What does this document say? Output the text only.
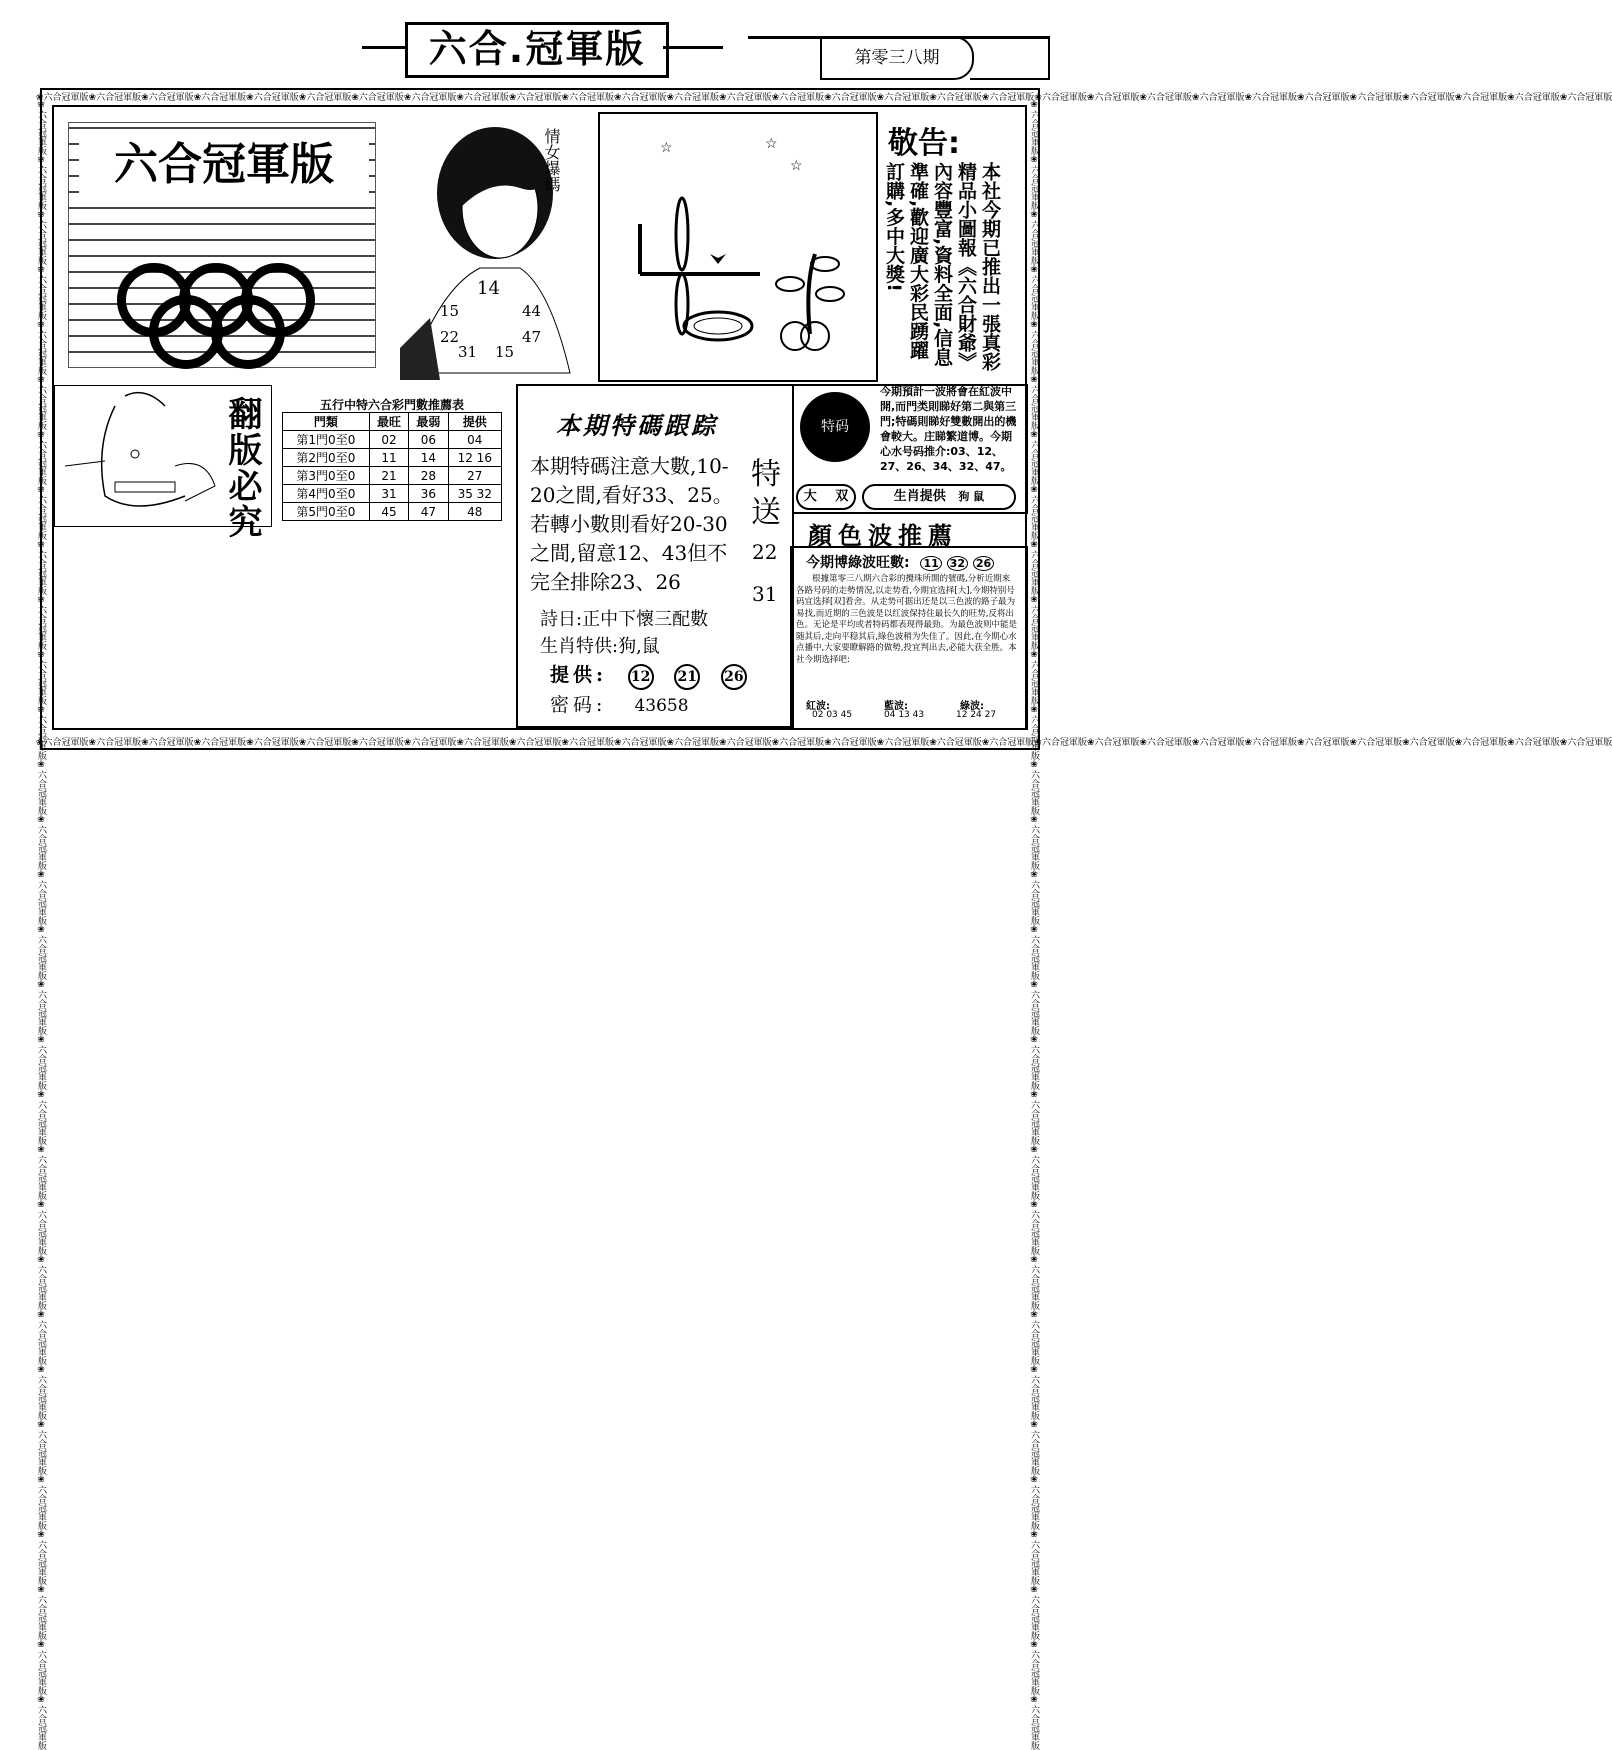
六合.冠軍版	第零三八期
❀六合冠軍版❀六合冠軍版❀六合冠軍版❀六合冠軍版❀六合冠軍版❀六合冠軍版❀六合冠軍版❀六合冠軍版❀六合冠軍版❀六合冠軍版❀六合冠軍版❀六合冠軍版❀六合冠軍版❀六合冠軍版❀六合冠軍版❀六合冠軍版❀六合冠軍版❀六合冠軍版❀六合冠軍版❀六合冠軍版❀六合冠軍版❀六合冠軍版❀六合冠軍版❀六合冠軍版❀六合冠軍版❀六合冠軍版❀六合冠軍版❀六合冠軍版❀六合冠軍版❀六合冠軍版
❀六合冠軍版❀六合冠軍版❀六合冠軍版❀六合冠軍版❀六合冠軍版❀六合冠軍版❀六合冠軍版❀六合冠軍版❀六合冠軍版❀六合冠軍版❀六合冠軍版❀六合冠軍版❀六合冠軍版❀六合冠軍版❀六合冠軍版❀六合冠軍版❀六合冠軍版❀六合冠軍版❀六合冠軍版❀六合冠軍版❀六合冠軍版❀六合冠軍版❀六合冠軍版❀六合冠軍版❀六合冠軍版❀六合冠軍版❀六合冠軍版❀六合冠軍版❀六合冠軍版❀六合冠軍版
❀六合冠軍版❀六合冠軍版❀六合冠軍版❀六合冠軍版❀六合冠軍版❀六合冠軍版❀六合冠軍版❀六合冠軍版❀六合冠軍版❀六合冠軍版❀六合冠軍版❀六合冠軍版❀六合冠軍版❀六合冠軍版❀六合冠軍版❀六合冠軍版❀六合冠軍版❀六合冠軍版❀六合冠軍版❀六合冠軍版❀六合冠軍版❀六合冠軍版❀六合冠軍版❀六合冠軍版❀六合冠軍版❀六合冠軍版❀六合冠軍版❀六合冠軍版❀六合冠軍版❀六合冠軍版	❀六合冠軍版❀六合冠軍版❀六合冠軍版❀六合冠軍版❀六合冠軍版❀六合冠軍版❀六合冠軍版❀六合冠軍版❀六合冠軍版❀六合冠軍版❀六合冠軍版❀六合冠軍版❀六合冠軍版❀六合冠軍版❀六合冠軍版❀六合冠軍版❀六合冠軍版❀六合冠軍版❀六合冠軍版❀六合冠軍版❀六合冠軍版❀六合冠軍版❀六合冠軍版❀六合冠軍版❀六合冠軍版❀六合冠軍版❀六合冠軍版❀六合冠軍版❀六合冠軍版❀六合冠軍版
六合冠軍版	情女爆碼
14
15	44
22	47
31 15
☆	☆
☆
敬告:
本社今期已推出一張真彩精品小圖報《六合財爺》內容豐富,資料全面,信息準確,歡迎廣大彩民踴躍訂購,多中大獎!
翻版必究	五行中特六合彩門數推薦表
門類	最旺	最弱	提供
第1門0至0	02	06	04
第2門0至0	11	14	12 16
第3門0至0	21	28	27
第4門0至0	31	36	35 32
第5門0至0	45	47	48
本期特碼跟踪
本期特碼注意大數,10-20之間,看好33、25。若轉小數則看好20-30之間,留意12、43但不完全排除23、26
特送
22
31
詩日:正中下懷三配數
生肖特供:狗,鼠
提供: 12 21 26
密码: 43658
特码
今期預計一波將會在紅波中開,而門类則睇好第二與第三門;特碼則睇好雙數開出的機會較大。庄睇繁道博。今期心水号码推介:03、12、27、26、34、32、47。
大 双	生肖提供 狗 鼠
顏色波推薦
今期博綠波旺數: 11 32 26
根據第零三八期六合彩的攪珠所開的號碼,分析近期來各路号码的走勢情况,以走势看,今期宜选择[大],今期特别号码宜选择[双]看舍。从走势可据出还是以三色波的路子最为易找,而近期的三色波是以红波保持住最长久的旺势,反将出色。无论是平均或者特码都表现得最勁。为最色波则中能是随其后,走向平稳其后,綠色波稍为失佳了。因此,在今期心水点播中,大家要瞭解路的做勢,投宜判出去,必能大获全胜。本社今期选择吧:
紅波:	藍波:	綠波:
02 03 45	04 13 43	12 24 27
